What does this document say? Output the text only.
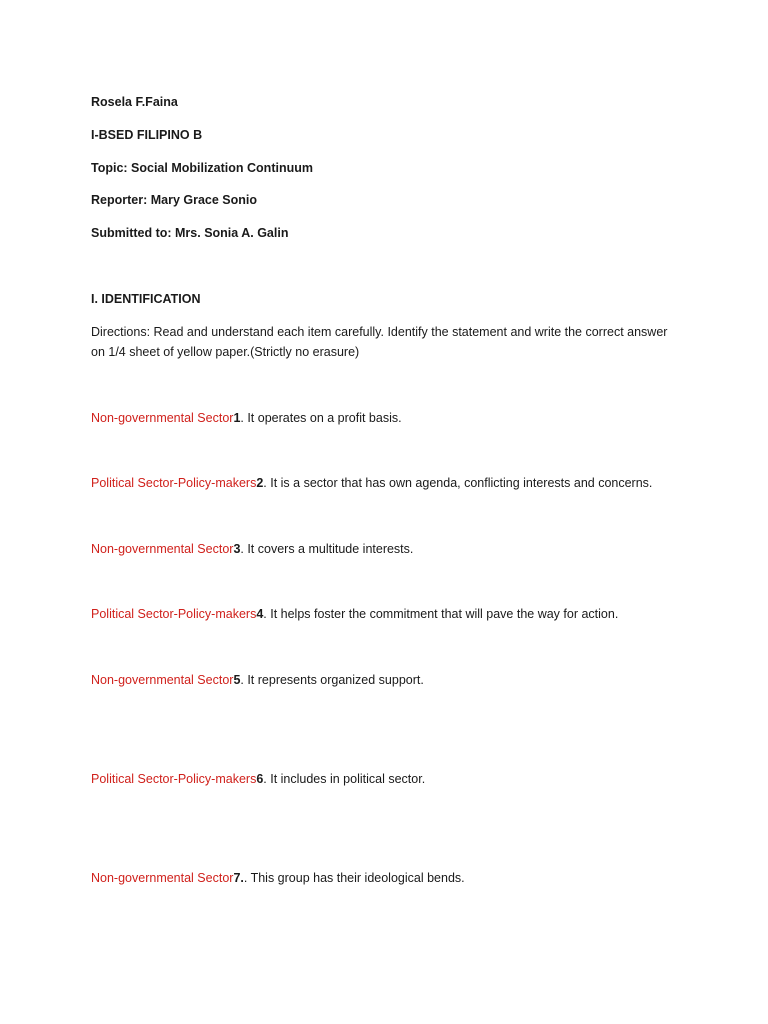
Rosela F.Faina
I-BSED FILIPINO B
Topic: Social Mobilization Continuum
Reporter: Mary Grace Sonio
Submitted to: Mrs. Sonia A. Galin
I. IDENTIFICATION
Directions: Read and understand each item carefully. Identify the statement and write the correct answer on 1/4 sheet of yellow paper.(Strictly no erasure)
Non-governmental Sector1. It operates on a profit basis.
Political Sector-Policy-makers2. It is a sector that has own agenda, conflicting interests and concerns.
Non-governmental Sector3. It covers a multitude interests.
Political Sector-Policy-makers4. It helps foster the commitment that will pave the way for action.
Non-governmental Sector5. It represents organized support.
Political Sector-Policy-makers6. It includes in political sector.
Non-governmental Sector7.. This group has their ideological bends.
